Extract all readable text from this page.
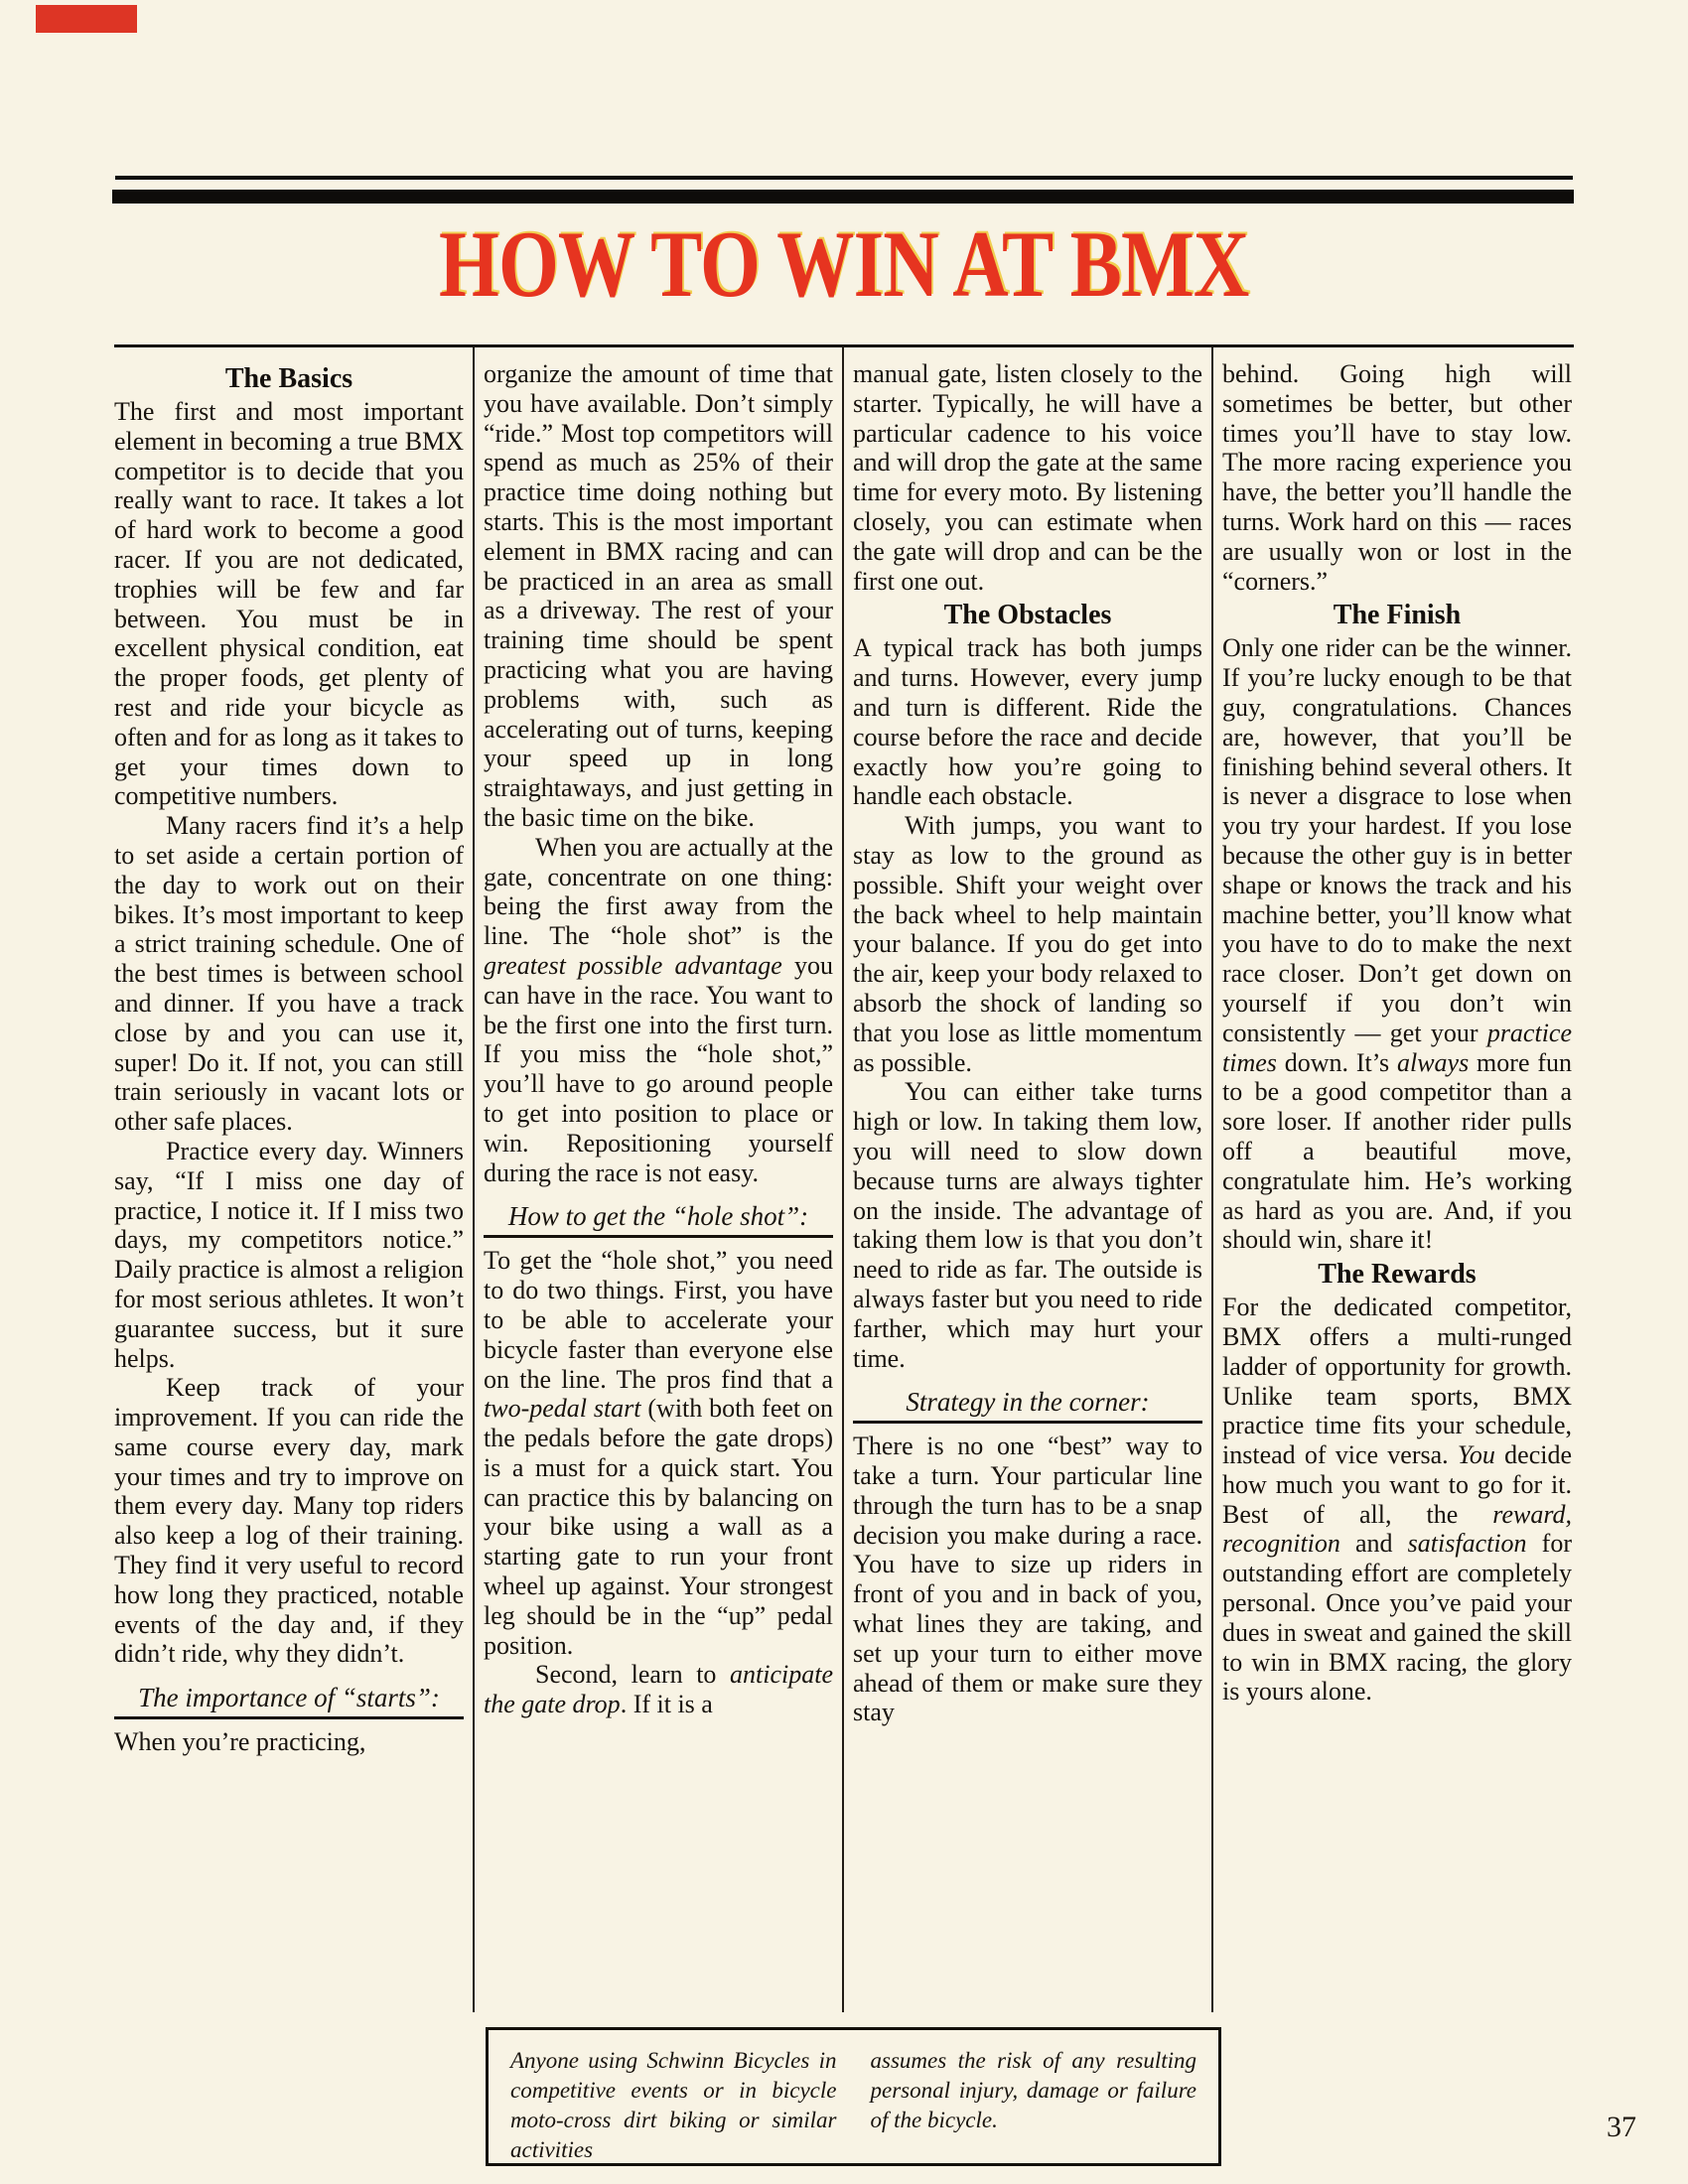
HOW TO WIN AT BMX
The Basics

The first and most important element in becoming a true BMX competitor is to decide that you really want to race. It takes a lot of hard work to become a good racer. If you are not dedicated, trophies will be few and far between. You must be in excellent physical condition, eat the proper foods, get plenty of rest and ride your bicycle as often and for as long as it takes to get your times down to competitive numbers.

Many racers find it’s a help to set aside a certain portion of the day to work out on their bikes. It’s most important to keep a strict training schedule. One of the best times is between school and dinner. If you have a track close by and you can use it, super! Do it. If not, you can still train seriously in vacant lots or other safe places.

Practice every day. Winners say, “If I miss one day of practice, I notice it. If I miss two days, my competitors notice.” Daily practice is almost a religion for most serious athletes. It won’t guarantee success, but it sure helps.

Keep track of your improvement. If you can ride the same course every day, mark your times and try to improve on them every day. Many top riders also keep a log of their training. They find it very useful to record how long they practiced, notable events of the day and, if they didn’t ride, why they didn’t.

The importance of “starts”:

When you’re practicing,

organize the amount of time that you have available. Don’t simply “ride.” Most top competitors will spend as much as 25% of their practice time doing nothing but starts. This is the most important element in BMX racing and can be practiced in an area as small as a driveway. The rest of your training time should be spent practicing what you are having problems with, such as accelerating out of turns, keeping your speed up in long straightaways, and just getting in the basic time on the bike.

When you are actually at the gate, concentrate on one thing: being the first away from the line. The “hole shot” is the greatest possible advantage you can have in the race. You want to be the first one into the first turn. If you miss the “hole shot,” you’ll have to go around people to get into position to place or win. Repositioning yourself during the race is not easy.

How to get the “hole shot”:

To get the “hole shot,” you need to do two things. First, you have to be able to accelerate your bicycle faster than everyone else on the line. The pros find that a two-pedal start (with both feet on the pedals before the gate drops) is a must for a quick start. You can practice this by balancing on your bike using a wall as a starting gate to run your front wheel up against. Your strongest leg should be in the “up” pedal position.

Second, learn to anticipate the gate drop. If it is a

manual gate, listen closely to the starter. Typically, he will have a particular cadence to his voice and will drop the gate at the same time for every moto. By listening closely, you can estimate when the gate will drop and can be the first one out.

The Obstacles

A typical track has both jumps and turns. However, every jump and turn is different. Ride the course before the race and decide exactly how you’re going to handle each obstacle.

With jumps, you want to stay as low to the ground as possible. Shift your weight over the back wheel to help maintain your balance. If you do get into the air, keep your body relaxed to absorb the shock of landing so that you lose as little momentum as possible.

You can either take turns high or low. In taking them low, you will need to slow down because turns are always tighter on the inside. The advantage of taking them low is that you don’t need to ride as far. The outside is always faster but you need to ride farther, which may hurt your time.

Strategy in the corner:

There is no one “best” way to take a turn. Your particular line through the turn has to be a snap decision you make during a race. You have to size up riders in front of you and in back of you, what lines they are taking, and set up your turn to either move ahead of them or make sure they stay

behind. Going high will sometimes be better, but other times you’ll have to stay low. The more racing experience you have, the better you’ll handle the turns. Work hard on this — races are usually won or lost in the “corners.”

The Finish

Only one rider can be the winner. If you’re lucky enough to be that guy, congratulations. Chances are, however, that you’ll be finishing behind several others. It is never a disgrace to lose when you try your hardest. If you lose because the other guy is in better shape or knows the track and his machine better, you’ll know what you have to do to make the next race closer. Don’t get down on yourself if you don’t win consistently — get your practice times down. It’s always more fun to be a good competitor than a sore loser. If another rider pulls off a beautiful move, congratulate him. He’s working as hard as you are. And, if you should win, share it!

The Rewards

For the dedicated competitor, BMX offers a multi-runged ladder of opportunity for growth. Unlike team sports, BMX practice time fits your schedule, instead of vice versa. You decide how much you want to go for it. Best of all, the reward, recognition and satisfaction for outstanding effort are completely personal. Once you’ve paid your dues in sweat and gained the skill to win in BMX racing, the glory is yours alone.

Anyone using Schwinn Bicycles in competitive events or in bicycle moto-cross dirt biking or similar activities
assumes the risk of any resulting personal injury, damage or failure of the bicycle.	37
